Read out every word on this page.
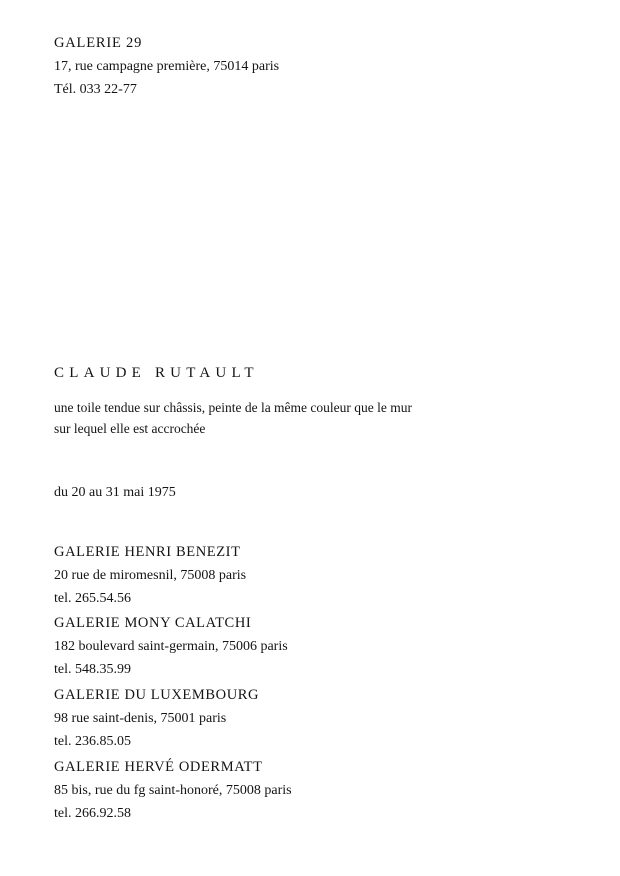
GALERIE 29
17, rue campagne première, 75014 paris
Tél. 033 22-77
CLAUDE RUTAULT
une toile tendue sur châssis, peinte de la même couleur que le mur
sur lequel elle est accrochée
du 20 au 31 mai 1975
GALERIE HENRI BENEZIT
20 rue de miromesnil, 75008 paris
tel. 265.54.56
GALERIE MONY CALATCHI
182 boulevard saint-germain, 75006 paris
tel. 548.35.99
GALERIE DU LUXEMBOURG
98 rue saint-denis, 75001 paris
tel. 236.85.05
GALERIE HERVÉ ODERMATT
85 bis, rue du fg saint-honoré, 75008 paris
tel. 266.92.58
